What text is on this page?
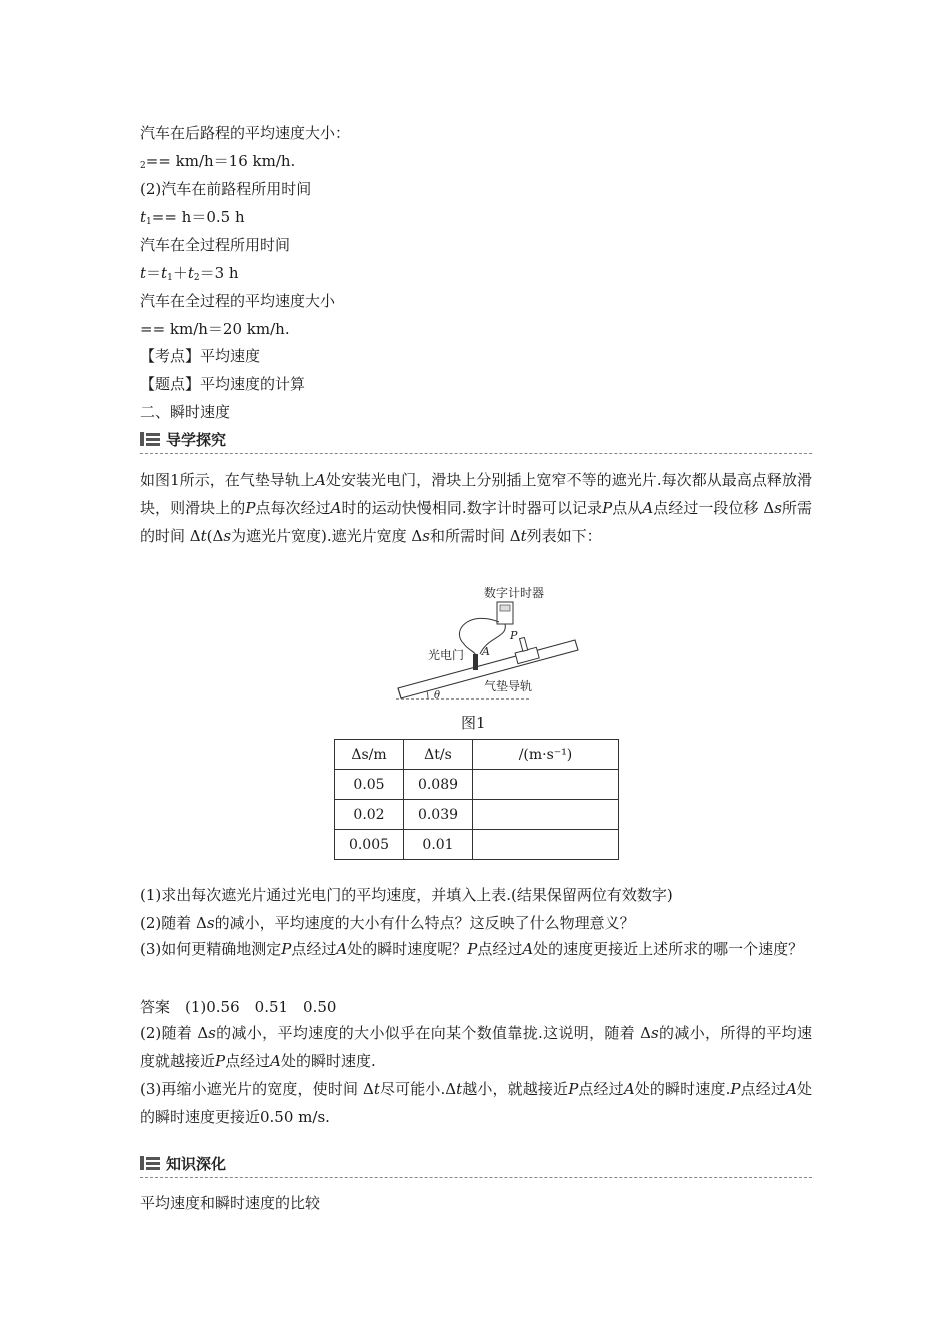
汽车在后路程的平均速度大小：
$_2$== km/h＝16 km/h.
(2)汽车在前路程所用时间
$t_1== h=0.5$ h
汽车在全过程所用时间
$t=t_1+t_2=3$ h
汽车在全过程的平均速度大小
== km/h＝20 km/h.
【考点】平均速度
【题点】平均速度的计算
二、瞬时速度
导学探究
如图1所示，在气垫导轨上A处安装光电门，滑块上分别插上宽窄不等的遮光片.每次都从最高点释放滑块，则滑块上的P点每次经过A时的运动快慢相同.数字计时器可以记录P点从A点经过一段位移 Δs所需的时间 Δt(Δs为遮光片宽度).遮光片宽度 Δs和所需时间 Δt列表如下：
数字计时器
θ
光电门 A
P
气垫导轨
图1
Δs/m	Δt/s	/(m·s⁻¹)
0.05	0.089	
0.02	0.039	
0.005	0.01	
(1)求出每次遮光片通过光电门的平均速度，并填入上表.(结果保留两位有效数字)
(2)随着 Δs的减小，平均速度的大小有什么特点？这反映了什么物理意义？
(3)如何更精确地测定P点经过A处的瞬时速度呢？P点经过A处的速度更接近上述所求的哪一个速度？
答案　(1)0.56　0.51　0.50
(2)随着 Δs的减小，平均速度的大小似乎在向某个数值靠拢.这说明，随着 Δs的减小，所得的平均速度就越接近P点经过A处的瞬时速度.
(3)再缩小遮光片的宽度，使时间 Δt尽可能小.Δt越小，就越接近P点经过A处的瞬时速度.P点经过A处的瞬时速度更接近0.50 m/s.
知识深化
平均速度和瞬时速度的比较
